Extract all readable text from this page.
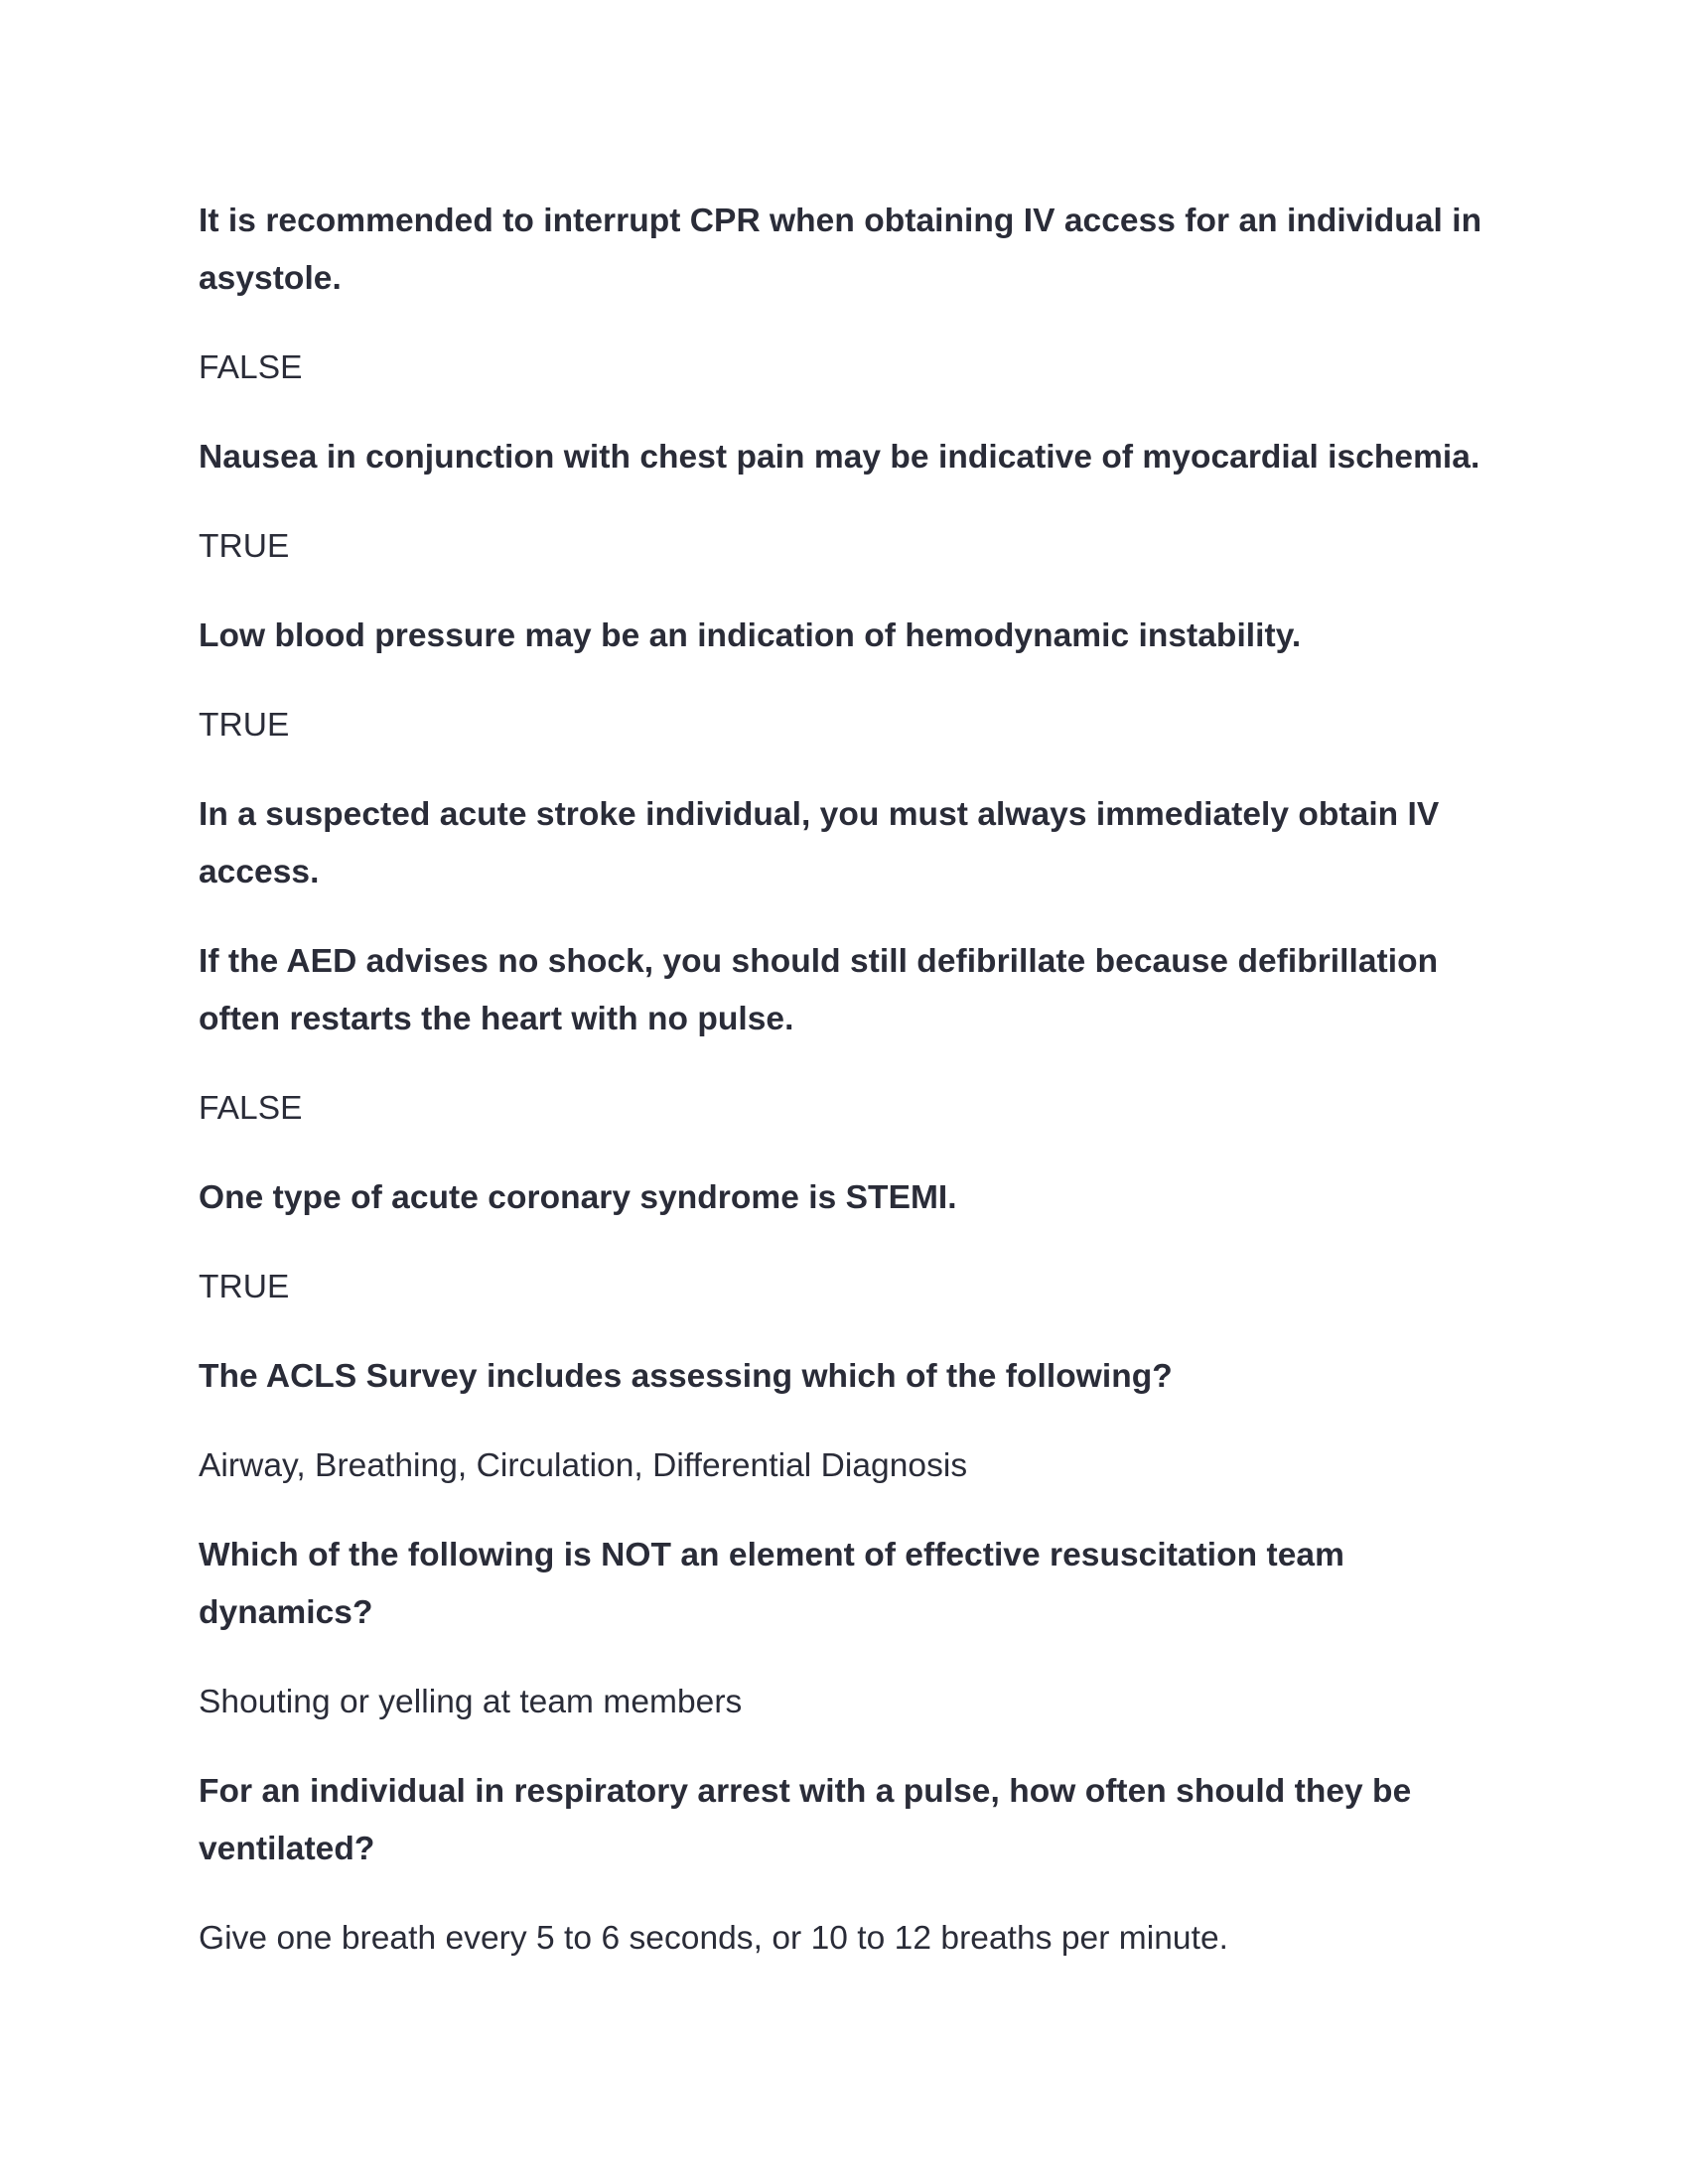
It is recommended to interrupt CPR when obtaining IV access for an individual in asystole.

FALSE

Nausea in conjunction with chest pain may be indicative of myocardial ischemia.

TRUE

Low blood pressure may be an indication of hemodynamic instability.

TRUE

In a suspected acute stroke individual, you must always immediately obtain IV access.

If the AED advises no shock, you should still defibrillate because defibrillation often restarts the heart with no pulse.

FALSE

One type of acute coronary syndrome is STEMI.

TRUE

The ACLS Survey includes assessing which of the following?

Airway, Breathing, Circulation, Differential Diagnosis

Which of the following is NOT an element of effective resuscitation team dynamics?

Shouting or yelling at team members

For an individual in respiratory arrest with a pulse, how often should they be ventilated?

Give one breath every 5 to 6 seconds, or 10 to 12 breaths per minute.
